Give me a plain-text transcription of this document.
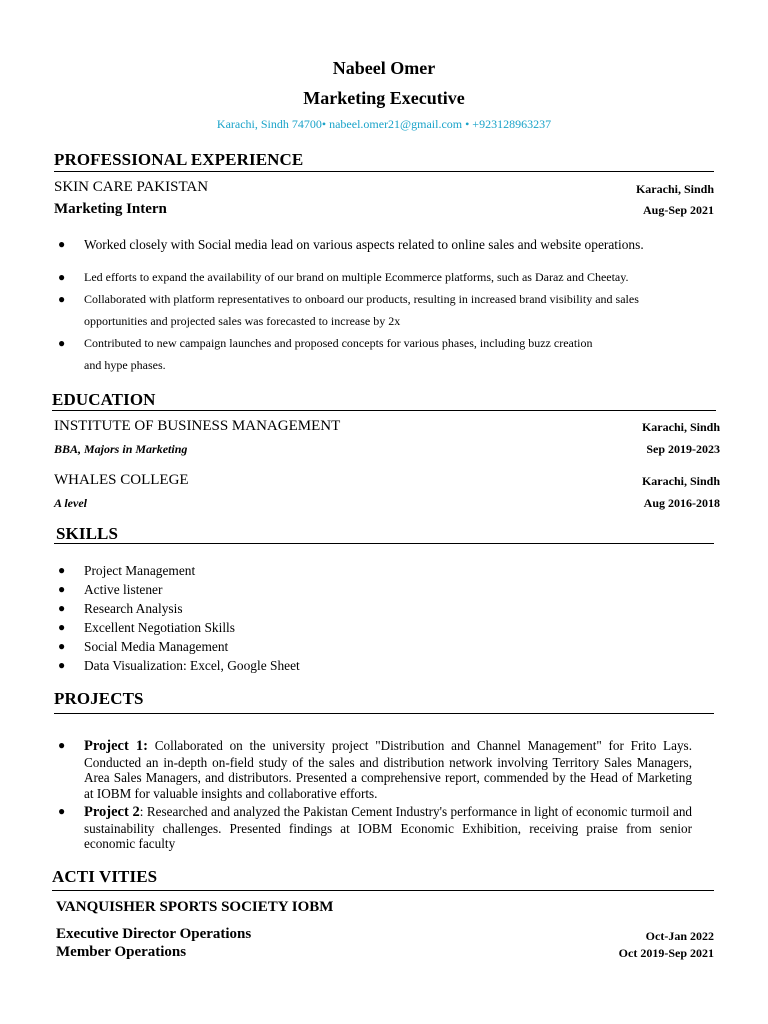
Nabeel Omer
Marketing Executive
Karachi, Sindh 74700• nabeel.omer21@gmail.com • +923128963237
PROFESSIONAL EXPERIENCE
SKIN CARE PAKISTAN	Karachi, Sindh
Marketing Intern	Aug-Sep 2021
●	Worked closely with Social media lead on various aspects related to online sales and website operations.
●	Led efforts to expand the availability of our brand on multiple Ecommerce platforms, such as Daraz and Cheetay.
●	Collaborated with platform representatives to onboard our products, resulting in increased brand visibility and sales
opportunities and projected sales was forecasted to increase by 2x
●	Contributed to new campaign launches and proposed concepts for various phases, including buzz creation
and hype phases.
EDUCATION
INSTITUTE OF BUSINESS MANAGEMENT	Karachi, Sindh
BBA, Majors in Marketing	Sep 2019-2023
WHALES COLLEGE	Karachi, Sindh
A level	Aug 2016-2018
SKILLS
●	Project Management
●	Active listener
●	Research Analysis
●	Excellent Negotiation Skills
●	Social Media Management
●	Data Visualization: Excel, Google Sheet
PROJECTS
●	Project 1: Collaborated on the university project "Distribution and Channel Management" for Frito Lays. Conducted an in-depth on-field study of the sales and distribution network involving Territory Sales Managers, Area Sales Managers, and distributors. Presented a comprehensive report, commended by the Head of Marketing at IOBM for valuable insights and collaborative efforts.
●	Project 2: Researched and analyzed the Pakistan Cement Industry's performance in light of economic turmoil and sustainability challenges. Presented findings at IOBM Economic Exhibition, receiving praise from senior economic faculty
ACTI VITIES
VANQUISHER SPORTS SOCIETY IOBM
Executive Director Operations	Oct-Jan 2022
Member Operations	Oct 2019-Sep 2021
